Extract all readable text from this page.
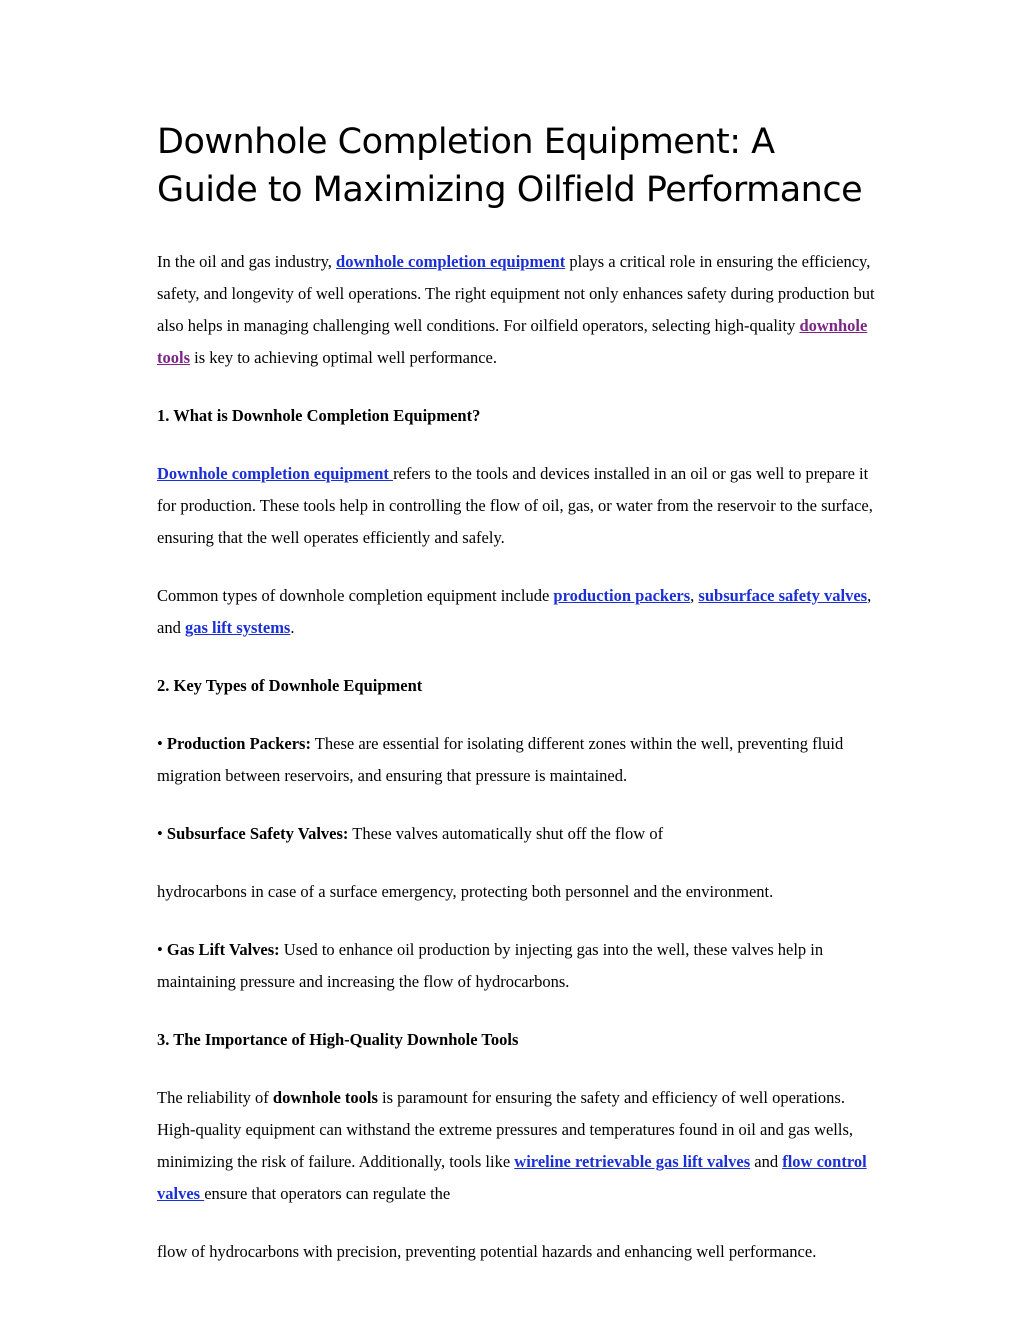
Downhole Completion Equipment: A
Guide to Maximizing Oilfield Performance

In the oil and gas industry, downhole completion equipment plays a critical role in ensuring the efficiency, safety, and longevity of well operations. The right equipment not only enhances safety during production but also helps in managing challenging well conditions. For oilfield operators, selecting high-quality downhole tools is key to achieving optimal well performance.

1. What is Downhole Completion Equipment?

Downhole completion equipment refers to the tools and devices installed in an oil or gas well to prepare it for production. These tools help in controlling the flow of oil, gas, or water from the reservoir to the surface, ensuring that the well operates efficiently and safely.

Common types of downhole completion equipment include production packers, subsurface safety valves, and gas lift systems.

2. Key Types of Downhole Equipment

• Production Packers: These are essential for isolating different zones within the well, preventing fluid migration between reservoirs, and ensuring that pressure is maintained.

• Subsurface Safety Valves: These valves automatically shut off the flow of

hydrocarbons in case of a surface emergency, protecting both personnel and the environment.

• Gas Lift Valves: Used to enhance oil production by injecting gas into the well, these valves help in maintaining pressure and increasing the flow of hydrocarbons.

3. The Importance of High-Quality Downhole Tools

The reliability of downhole tools is paramount for ensuring the safety and efficiency of well operations. High-quality equipment can withstand the extreme pressures and temperatures found in oil and gas wells, minimizing the risk of failure. Additionally, tools like wireline retrievable gas lift valves and flow control valves ensure that operators can regulate the

flow of hydrocarbons with precision, preventing potential hazards and enhancing well performance.
